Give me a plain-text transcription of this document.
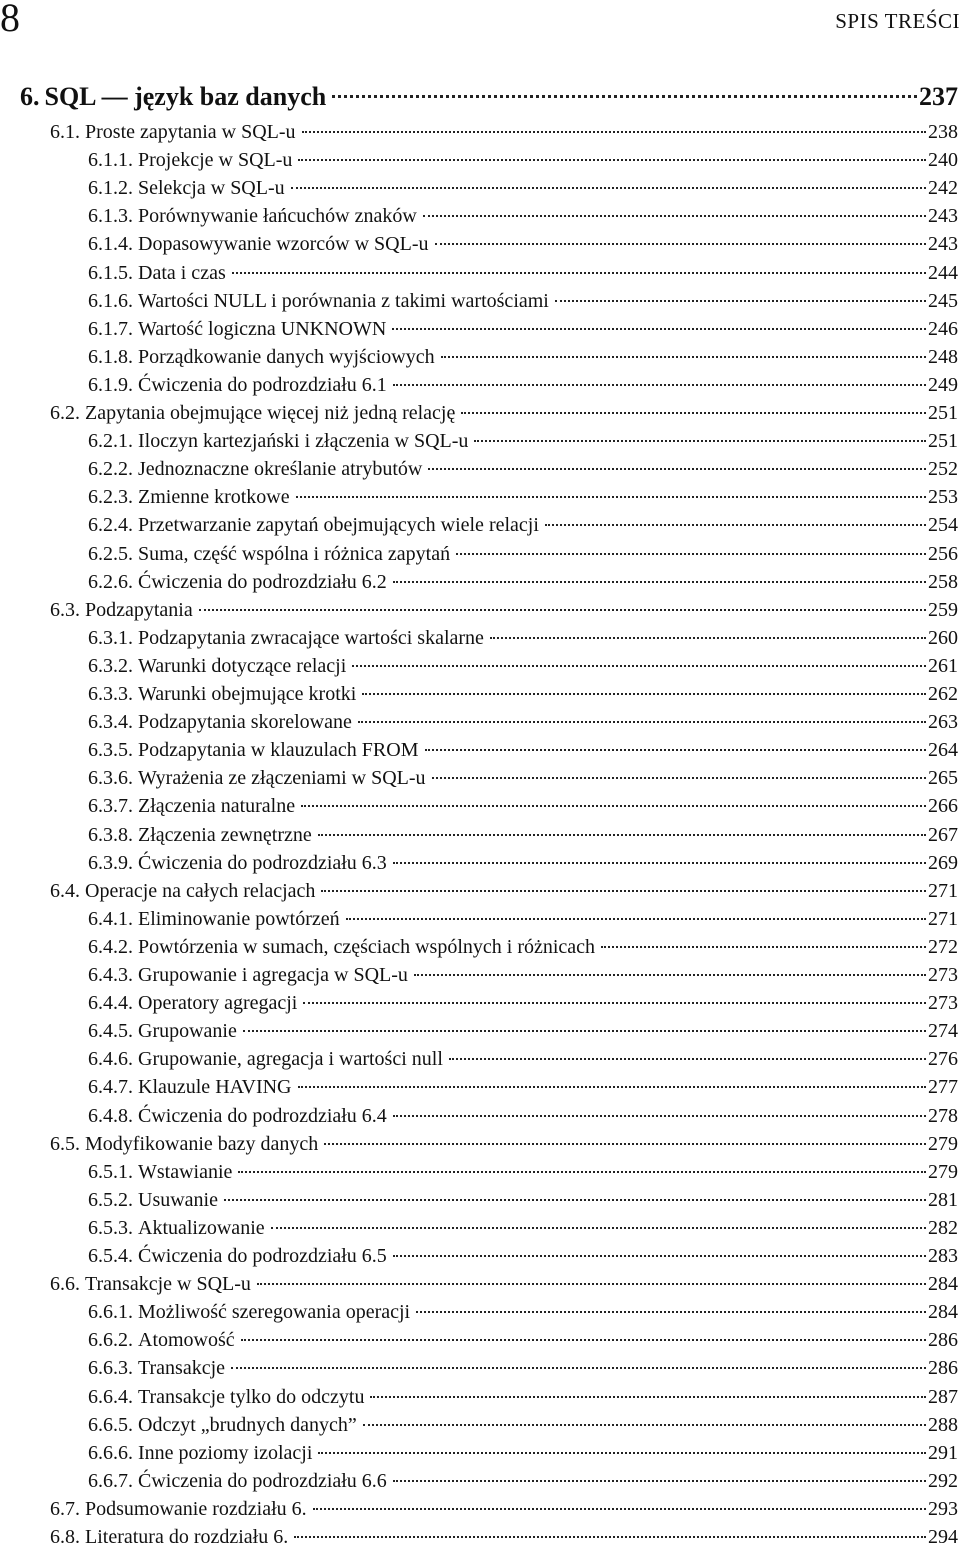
8	SPIS TREŚCI
6. SQL — język baz danych	237
6.1. Proste zapytania w SQL-u	238
6.1.1. Projekcje w SQL-u	240
6.1.2. Selekcja w SQL-u	242
6.1.3. Porównywanie łańcuchów znaków	243
6.1.4. Dopasowywanie wzorców w SQL-u	243
6.1.5. Data i czas	244
6.1.6. Wartości NULL i porównania z takimi wartościami	245
6.1.7. Wartość logiczna UNKNOWN	246
6.1.8. Porządkowanie danych wyjściowych	248
6.1.9. Ćwiczenia do podrozdziału 6.1	249
6.2. Zapytania obejmujące więcej niż jedną relację	251
6.2.1. Iloczyn kartezjański i złączenia w SQL-u	251
6.2.2. Jednoznaczne określanie atrybutów	252
6.2.3. Zmienne krotkowe	253
6.2.4. Przetwarzanie zapytań obejmujących wiele relacji	254
6.2.5. Suma, część wspólna i różnica zapytań	256
6.2.6. Ćwiczenia do podrozdziału 6.2	258
6.3. Podzapytania	259
6.3.1. Podzapytania zwracające wartości skalarne	260
6.3.2. Warunki dotyczące relacji	261
6.3.3. Warunki obejmujące krotki	262
6.3.4. Podzapytania skorelowane	263
6.3.5. Podzapytania w klauzulach FROM	264
6.3.6. Wyrażenia ze złączeniami w SQL-u	265
6.3.7. Złączenia naturalne	266
6.3.8. Złączenia zewnętrzne	267
6.3.9. Ćwiczenia do podrozdziału 6.3	269
6.4. Operacje na całych relacjach	271
6.4.1. Eliminowanie powtórzeń	271
6.4.2. Powtórzenia w sumach, częściach wspólnych i różnicach	272
6.4.3. Grupowanie i agregacja w SQL-u	273
6.4.4. Operatory agregacji	273
6.4.5. Grupowanie	274
6.4.6. Grupowanie, agregacja i wartości null	276
6.4.7. Klauzule HAVING	277
6.4.8. Ćwiczenia do podrozdziału 6.4	278
6.5. Modyfikowanie bazy danych	279
6.5.1. Wstawianie	279
6.5.2. Usuwanie	281
6.5.3. Aktualizowanie	282
6.5.4. Ćwiczenia do podrozdziału 6.5	283
6.6. Transakcje w SQL-u	284
6.6.1. Możliwość szeregowania operacji	284
6.6.2. Atomowość	286
6.6.3. Transakcje	286
6.6.4. Transakcje tylko do odczytu	287
6.6.5. Odczyt „brudnych danych”	288
6.6.6. Inne poziomy izolacji	291
6.6.7. Ćwiczenia do podrozdziału 6.6	292
6.7. Podsumowanie rozdziału 6.	293
6.8. Literatura do rozdziału 6.	294
